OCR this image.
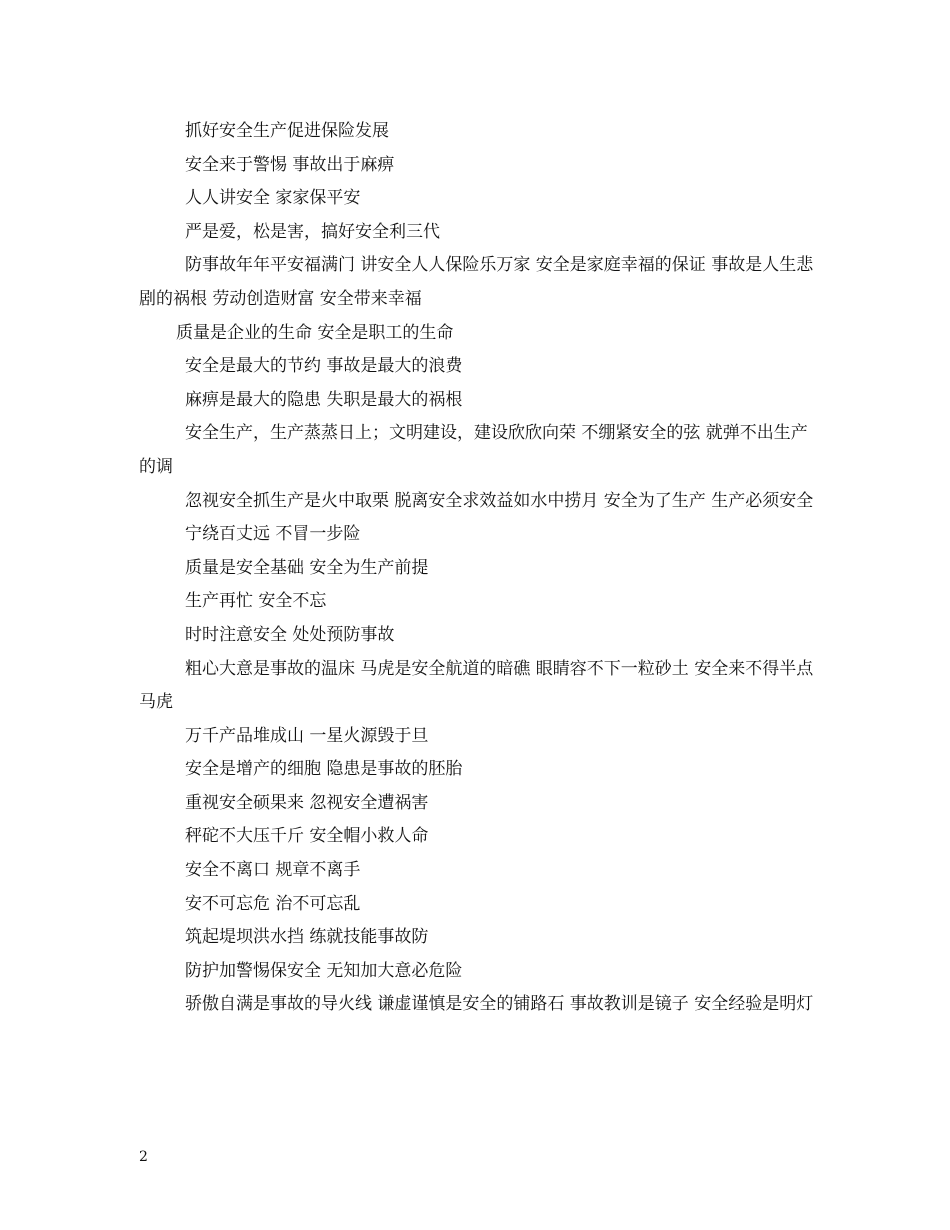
抓好安全生产促进保险发展

安全来于警惕 事故出于麻痹

人人讲安全 家家保平安

严是爱，松是害，搞好安全利三代

防事故年年平安福满门 讲安全人人保险乐万家 安全是家庭幸福的保证 事故是人生悲剧的祸根 劳动创造财富 安全带来幸福

质量是企业的生命 安全是职工的生命

安全是最大的节约 事故是最大的浪费

麻痹是最大的隐患 失职是最大的祸根

安全生产，生产蒸蒸日上；文明建设，建设欣欣向荣 不绷紧安全的弦 就弹不出生产的调

忽视安全抓生产是火中取栗 脱离安全求效益如水中捞月 安全为了生产 生产必须安全

宁绕百丈远 不冒一步险

质量是安全基础 安全为生产前提

生产再忙 安全不忘

时时注意安全 处处预防事故

粗心大意是事故的温床 马虎是安全航道的暗礁 眼睛容不下一粒砂土 安全来不得半点马虎

万千产品堆成山 一星火源毁于旦

安全是增产的细胞 隐患是事故的胚胎

重视安全硕果来 忽视安全遭祸害

秤砣不大压千斤 安全帽小救人命

安全不离口 规章不离手

安不可忘危 治不可忘乱

筑起堤坝洪水挡 练就技能事故防

防护加警惕保安全 无知加大意必危险

骄傲自满是事故的导火线 谦虚谨慎是安全的铺路石 事故教训是镜子 安全经验是明灯

2
